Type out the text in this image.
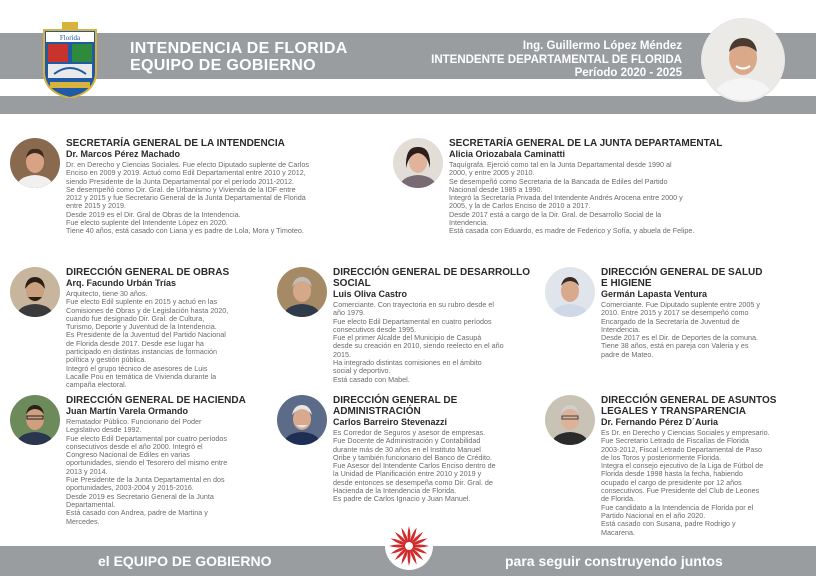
Florida
INTENDENCIA DE FLORIDA
EQUIPO DE GOBIERNO
Ing. Guillermo López Méndez
INTENDENTE DEPARTAMENTAL DE FLORIDA
Período 2020 - 2025
SECRETARÍA GENERAL DE LA INTENDENCIA
Dr. Marcos Pérez Machado
Dr. en Derecho y Ciencias Sociales. Fue electo Diputado suplente de Carlos
Enciso en 2009 y 2019. Actuó como Edil Departamental entre 2010 y 2012,
siendo Presidente de la Junta Departamental por el período 2011-2012.
Se desempeñó como Dir. Gral. de Urbanismo y Vivienda de la IDF entre
2012 y 2015 y fue Secretario General de la Junta Departamental de Florida
entre 2015 y 2019.
Desde 2019 es el Dir. Gral de Obras de la Intendencia.
Fue electo suplente del Intendente López en 2020.
Tiene 40 años, está casado con Liana y es padre de Lola, Mora y Timoteo.
SECRETARÍA GENERAL DE LA JUNTA DEPARTAMENTAL
Alicia Oriozabala Caminatti
Taquígrafa. Ejerció como tal en la Junta Departamental desde 1990 al
2000, y entre 2005 y 2010.
Se desempeñó como Secretaria de la Bancada de Ediles del Partido
Nacional desde 1985 a 1990.
Integró la Secretaría Privada del Intendente Andrés Arocena entre 2000 y
2005, y la de Carlos Enciso de 2010 a 2017.
Desde 2017 está a cargo de la Dir. Gral. de Desarrollo Social de la
Intendencia.
Está casada con Eduardo, es madre de Federico y Sofía, y abuela de Felipe.
DIRECCIÓN GENERAL DE OBRAS
Arq. Facundo Urbán Trías
Arquitecto, tiene 30 años.
Fue electo Edil suplente en 2015 y actuó en las
Comisiones de Obras y de Legislación hasta 2020,
cuando fue designado Dir. Gral. de Cultura,
Turismo, Deporte y Juventud de la Intendencia.
Es Presidente de la Juventud del Partido Nacional
de Florida desde 2017. Desde ese lugar ha
participado en distintas instancias de formación
política y gestión pública.
Integró el grupo técnico de asesores de Luis
Lacalle Pou en temática de Vivienda durante la
campaña electoral.
DIRECCIÓN GENERAL DE DESARROLLO
SOCIAL
Luis Oliva Castro
Comerciante. Con trayectoria en su rubro desde el
año 1979.
Fue electo Edil Departamental en cuatro períodos
consecutivos desde 1995.
Fue el primer Alcalde del Municipio de Casupá
desde su creación en 2010, siendo reelecto en el año
2015.
Ha integrado distintas comisiones en el ámbito
social y deportivo.
Está casado con Mabel.
DIRECCIÓN GENERAL DE SALUD
E HIGIENE
Germán Lapasta Ventura
Comerciante. Fue Diputado suplente entre 2005 y
2010. Entre 2015 y 2017 se desempeñó como
Encargado de la Secretaría de Juventud de
Intendencia.
Desde 2017 es el Dir. de Deportes de la comuna.
Tiene 38 años, está en pareja con Valeria y es
padre de Mateo.
DIRECCIÓN GENERAL DE HACIENDA
Juan Martín Varela Ormando
Rematador Público. Funcionario del Poder
Legislativo desde 1992.
Fue electo Edil Departamental por cuatro períodos
consecutivos desde el año 2000. Integró el
Congreso Nacional de Ediles en varias
oportunidades, siendo el Tesorero del mismo entre
2013 y 2014.
Fue Presidente de la Junta Departamental en dos
oportunidades, 2003-2004 y 2015-2016.
Desde 2019 es Secretario General de la Junta
Departamental.
Está casado con Andrea, padre de Martina y
Mercedes.
DIRECCIÓN GENERAL DE
ADMINISTRACIÓN
Carlos Barreiro Stevenazzi
Es Corredor de Seguros y asesor de empresas.
Fue Docente de Administración y Contabilidad
durante más de 30 años en el Instituto Manuel
Oribe y también funcionario del Banco de Crédito.
Fue Asesor del Intendente Carlos Enciso dentro de
la Unidad de Planificación entre 2010 y 2019 y
desde entonces se desempeña como Dir. Gral. de
Hacienda de la Intendencia de Florida.
Es padre de Carlos Ignacio y Juan Manuel.
DIRECCIÓN GENERAL DE ASUNTOS
LEGALES Y TRANSPARENCIA
Dr. Fernando Pérez D´Auria
Es Dr. en Derecho y Ciencias Sociales y empresario.
Fue Secretario Letrado de Fiscalías de Florida
2003-2012, Fiscal Letrado Departamental de Paso
de los Toros y posteriormente Florida.
Integra el consejo ejecutivo de la Liga de Fútbol de
Florida desde 1998 hasta la fecha, habiendo
ocupado el cargo de presidente por 12 años
consecutivos. Fue Presidente del Club de Leones
de Florida.
Fue candidato a la Intendencia de Florida por el
Partido Nacional en el año 2020.
Está casado con Susana, padre Rodrigo y
Macarena.
el EQUIPO DE GOBIERNO	para seguir construyendo juntos
